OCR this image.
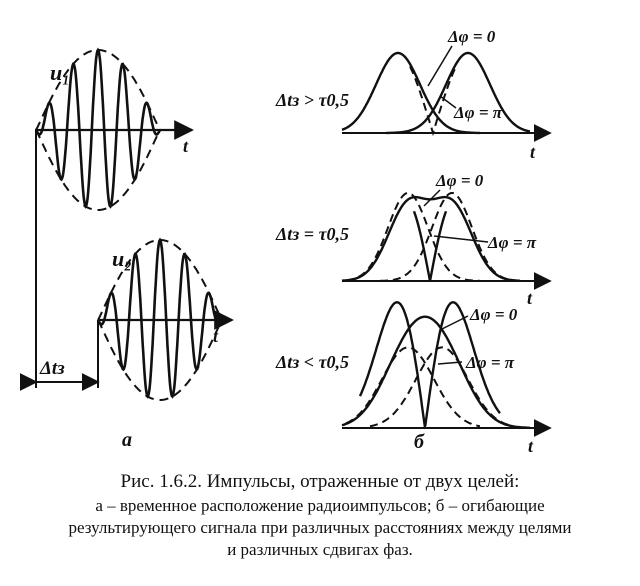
t
u₁
t
u₂
Δtз
а
t
Δtз > τ0,5
Δφ = 0
Δφ = π
t
Δtз = τ0,5
Δφ = 0
Δφ = π
t
Δtз < τ0,5
Δφ = 0
Δφ = π
б
Рис. 1.6.2. Импульсы, отраженные от двух целей:
а – временное расположение радиоимпульсов; б – огибающие
результирующего сигнала при различных расстояниях между целями
и различных сдвигах фаз.
